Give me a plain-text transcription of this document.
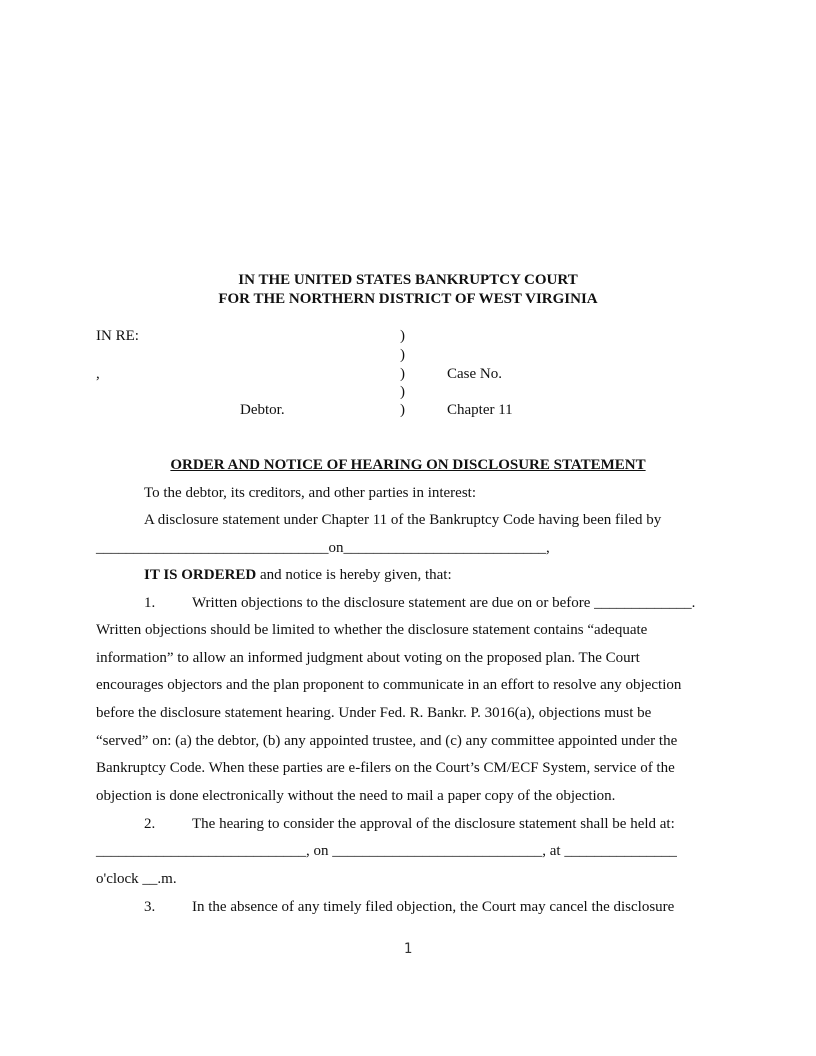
IN THE UNITED STATES BANKRUPTCY COURT
FOR THE NORTHERN DISTRICT OF WEST VIRGINIA
IN RE:
,
Debtor.
)
)
)
)
)
Case No.
Chapter 11
ORDER AND NOTICE OF HEARING ON DISCLOSURE STATEMENT
To the debtor, its creditors, and other parties in interest:
A disclosure statement under Chapter 11 of the Bankruptcy Code having been filed by
_______________________________on___________________________,
IT IS ORDERED and notice is hereby given, that:
1. Written objections to the disclosure statement are due on or before _____________.
Written objections should be limited to whether the disclosure statement contains “adequate
information” to allow an informed judgment about voting on the proposed plan. The Court
encourages objectors and the plan proponent to communicate in an effort to resolve any objection
before the disclosure statement hearing. Under Fed. R. Bankr. P. 3016(a), objections must be
“served” on: (a) the debtor, (b) any appointed trustee, and (c) any committee appointed under the
Bankruptcy Code. When these parties are e-filers on the Court’s CM/ECF System, service of the
objection is done electronically without the need to mail a paper copy of the objection.
2. The hearing to consider the approval of the disclosure statement shall be held at:
____________________________, on ____________________________, at _______________
o'clock __.m.
3. In the absence of any timely filed objection, the Court may cancel the disclosure
1
